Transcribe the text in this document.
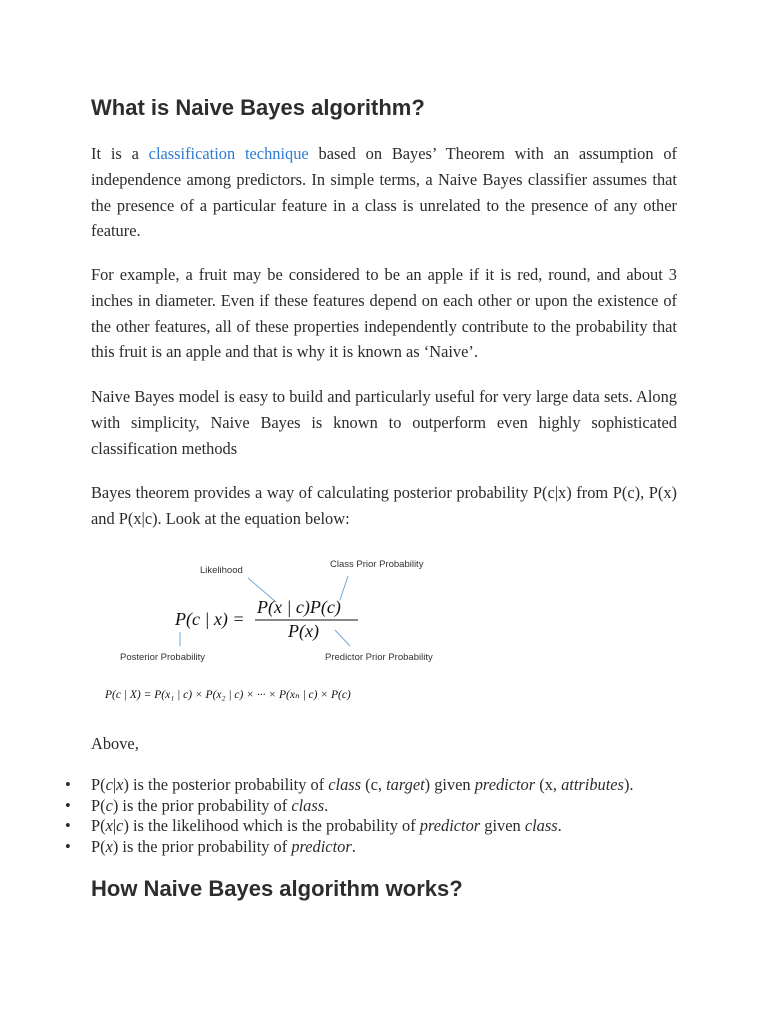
What is Naive Bayes algorithm?

It is a classification technique based on Bayes’ Theorem with an assumption of independence among predictors. In simple terms, a Naive Bayes classifier assumes that the presence of a particular feature in a class is unrelated to the presence of any other feature.

For example, a fruit may be considered to be an apple if it is red, round, and about 3 inches in diameter. Even if these features depend on each other or upon the existence of the other features, all of these properties independently contribute to the probability that this fruit is an apple and that is why it is known as ‘Naive’.

Naive Bayes model is easy to build and particularly useful for very large data sets. Along with simplicity, Naive Bayes is known to outperform even highly sophisticated classification methods

Bayes theorem provides a way of calculating posterior probability P(c|x) from P(c), P(x) and P(x|c). Look at the equation below:

Likelihood
Class Prior Probability
P(c | x) =
P(x | c)P(c)
P(x)
Posterior Probability	Predictor Prior Probability
P(c | X) = P(x₁ | c) × P(x₂ | c) × ··· × P(xₙ | c) × P(c)

Above,

• P(c|x) is the posterior probability of class (c, target) given predictor (x, attributes).
• P(c) is the prior probability of class.
• P(x|c) is the likelihood which is the probability of predictor given class.
• P(x) is the prior probability of predictor.
How Naive Bayes algorithm works?
